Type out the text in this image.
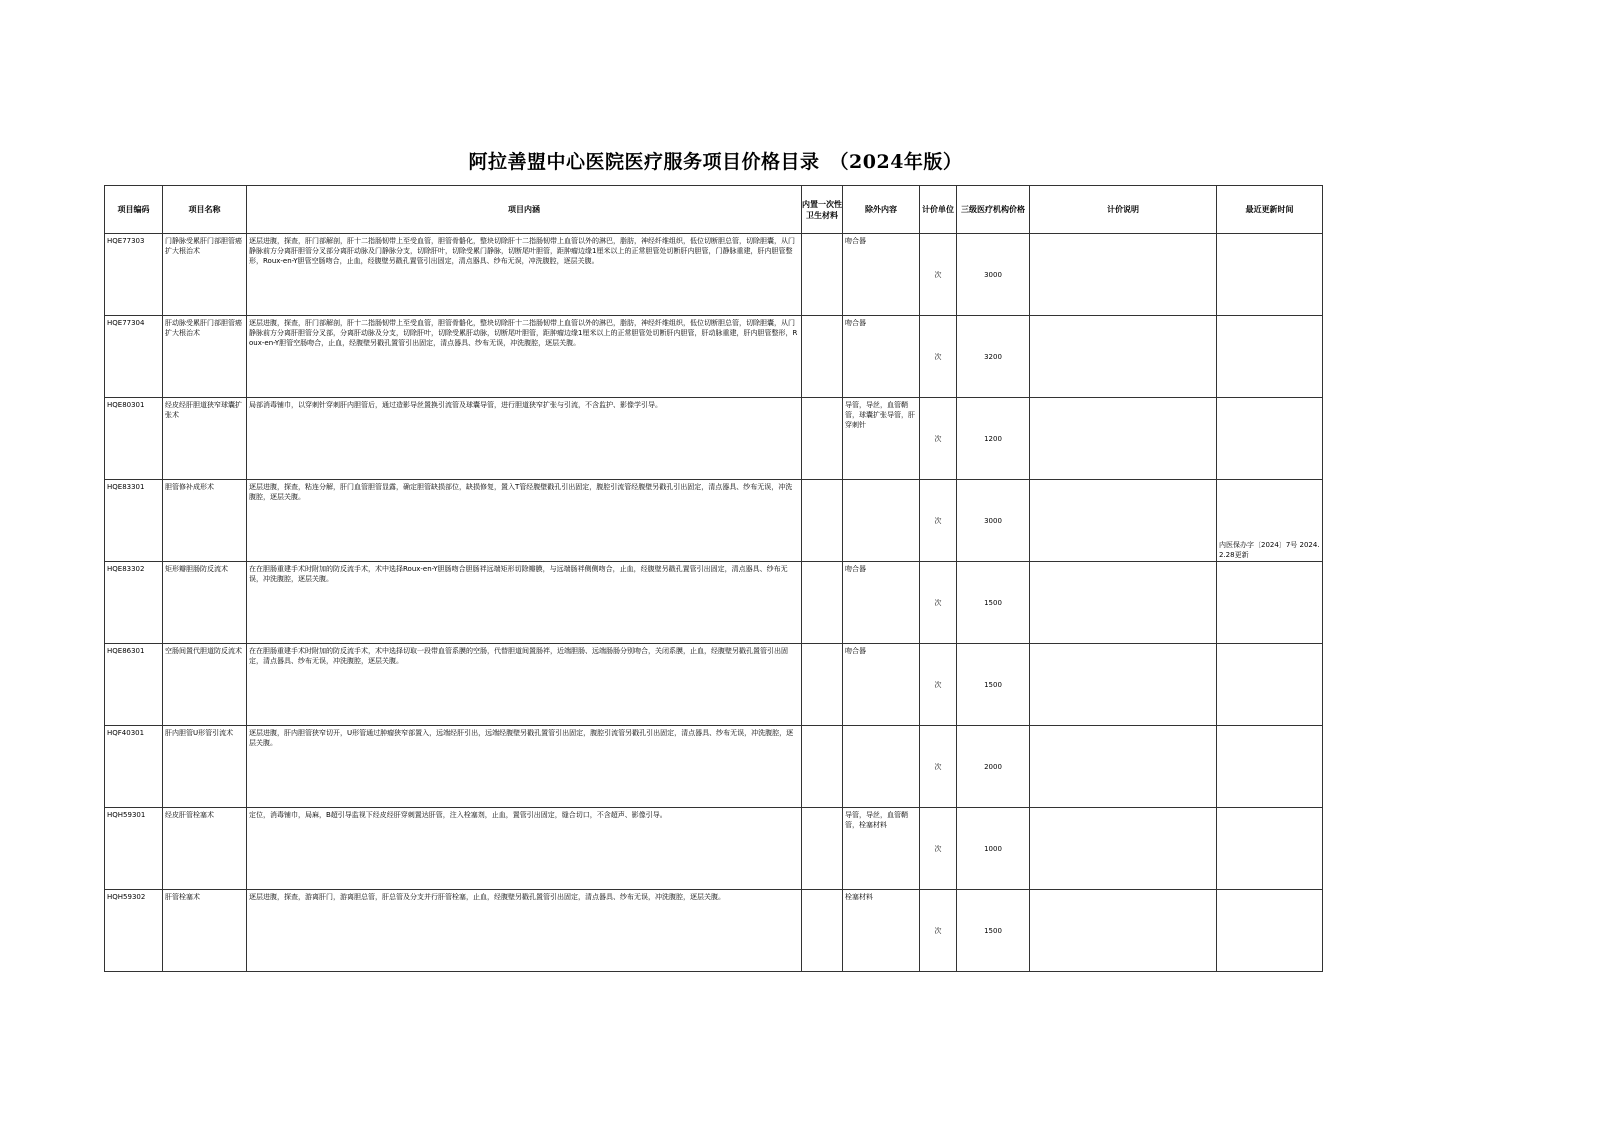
阿拉善盟中心医院医疗服务项目价格目录　（2024年版）
项目编码	项目名称	项目内涵	内置一次性卫生材料	除外内容	计价单位	三级医疗机构价格	计价说明	最近更新时间
HQE77303	门静脉受累肝门部胆管癌扩大根治术	逐层进腹，探查，肝门部解剖，肝十二指肠韧带上至受血管，胆管骨骼化，整块切除肝十二指肠韧带上血管以外的淋巴，脂肪，神经纤维组织，低位切断胆总管，切除胆囊，从门静脉前方分离肝胆管分叉部分离肝动脉及门静脉分支，切除肝叶，切除受累门静脉，切断尾叶胆管，距肿瘤边缘1厘米以上的正常胆管处切断肝内胆管，门静脉重建，肝内胆管整形，Roux-en-Y胆管空肠吻合，止血，经腹壁另戳孔置管引出固定，清点器具、纱布无误，冲洗腹腔，逐层关腹。		吻合器	次	3000		
HQE77304	肝动脉受累肝门部胆管癌扩大根治术	逐层进腹，探查，肝门部解剖，肝十二指肠韧带上至受血管，胆管骨骼化，整块切除肝十二指肠韧带上血管以外的淋巴，脂肪，神经纤维组织，低位切断胆总管，切除胆囊，从门静脉前方分离肝胆管分叉部，分离肝动脉及分支，切除肝叶，切除受累肝动脉，切断尾叶胆管，距肿瘤边缘1厘米以上的正常胆管处切断肝内胆管，肝动脉重建，肝内胆管整形，Roux-en-Y胆管空肠吻合，止血，经腹壁另戳孔置管引出固定，清点器具、纱布无误，冲洗腹腔，逐层关腹。		吻合器	次	3200		
HQE80301	经皮经肝胆道狭窄球囊扩张术	局部消毒铺巾，以穿刺针穿刺肝内胆管后，通过造影导丝置换引流管及球囊导管，进行胆道狭窄扩张与引流，不含监护、影像学引导。		导管，导丝，血管鞘管，球囊扩张导管，肝穿刺针	次	1200		
HQE83301	胆管修补成形术	逐层进腹，探查，粘连分解，肝门血管胆管显露，确定胆管缺损部位，缺损修复，置入T管经腹壁戳孔引出固定，腹腔引流管经腹壁另戳孔引出固定，清点器具、纱布无误，冲洗腹腔，逐层关腹。			次	3000		内医保办字〔2024〕7号 2024.2.28更新
HQE83302	矩形瓣胆肠防反流术	在在胆肠重建手术时附加的防反流手术，术中选择Roux-en-Y胆肠吻合胆肠袢远端矩形切除瓣膜，与远端肠袢侧侧吻合，止血，经腹壁另戳孔置管引出固定，清点器具、纱布无误，冲洗腹腔，逐层关腹。		吻合器	次	1500		
HQE86301	空肠间置代胆道防反流术	在在胆肠重建手术时附加的防反流手术，术中选择切取一段带血管系膜的空肠，代替胆道间置肠袢，近端胆肠、远端肠肠分别吻合，关闭系膜，止血，经腹壁另戳孔置管引出固定，清点器具、纱布无误，冲洗腹腔，逐层关腹。		吻合器	次	1500		
HQF40301	肝内胆管U形管引流术	逐层进腹，肝内胆管狭窄切开，U形管通过肿瘤狭窄部置入，远端经肝引出，远端经腹壁另戳孔置管引出固定，腹腔引流管另戳孔引出固定，清点器具、纱布无误，冲洗腹腔，逐层关腹。			次	2000		
HQH59301	经皮肝管栓塞术	定位，消毒铺巾，局麻，B超引导监视下经皮经肝穿刺置达肝管，注入栓塞剂，止血，置管引出固定，缝合切口，不含超声、影像引导。		导管，导丝，血管鞘管，栓塞材料	次	1000		
HQH59302	肝管栓塞术	逐层进腹，探查，游离肝门，游离胆总管，肝总管及分支并行肝管栓塞，止血，经腹壁另戳孔置管引出固定，清点器具、纱布无误，冲洗腹腔，逐层关腹。		栓塞材料	次	1500		
